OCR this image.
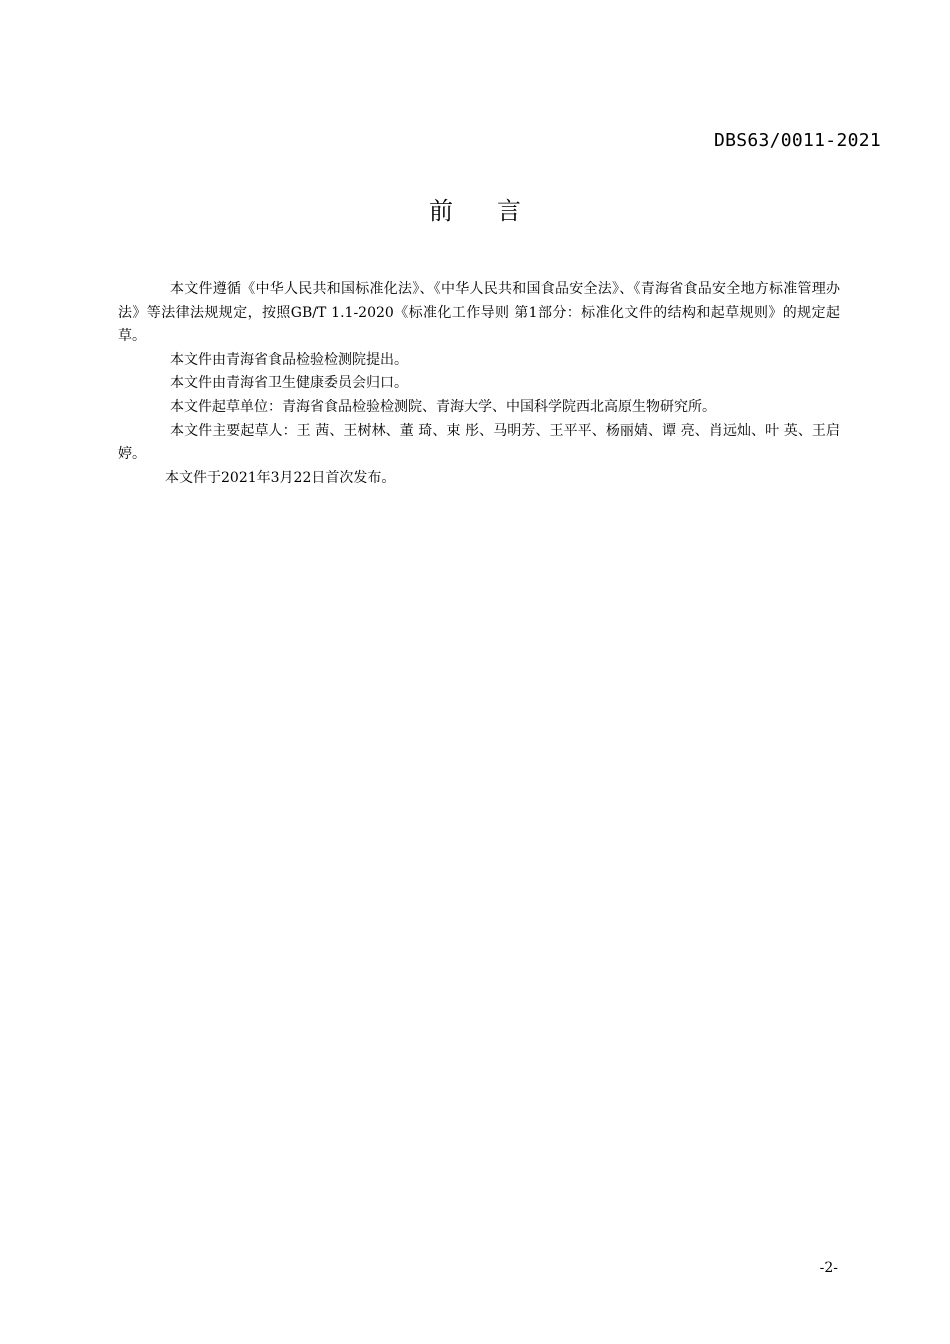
DBS63/0011-2021
前言

本文件遵循《中华人民共和国标准化法》、《中华人民共和国食品安全法》、《青海省食品安全地方标准管理办法》等法律法规规定，按照GB/T 1.1-2020《标准化工作导则 第1部分：标准化文件的结构和起草规则》的规定起草。

本文件由青海省食品检验检测院提出。

本文件由青海省卫生健康委员会归口。

本文件起草单位：青海省食品检验检测院、青海大学、中国科学院西北高原生物研究所。

本文件主要起草人：王 茜、王树林、董 琦、束 彤、马明芳、王平平、杨丽婧、谭 亮、肖远灿、叶 英、王启婷。

本文件于2021年3月22日首次发布。

-2-
